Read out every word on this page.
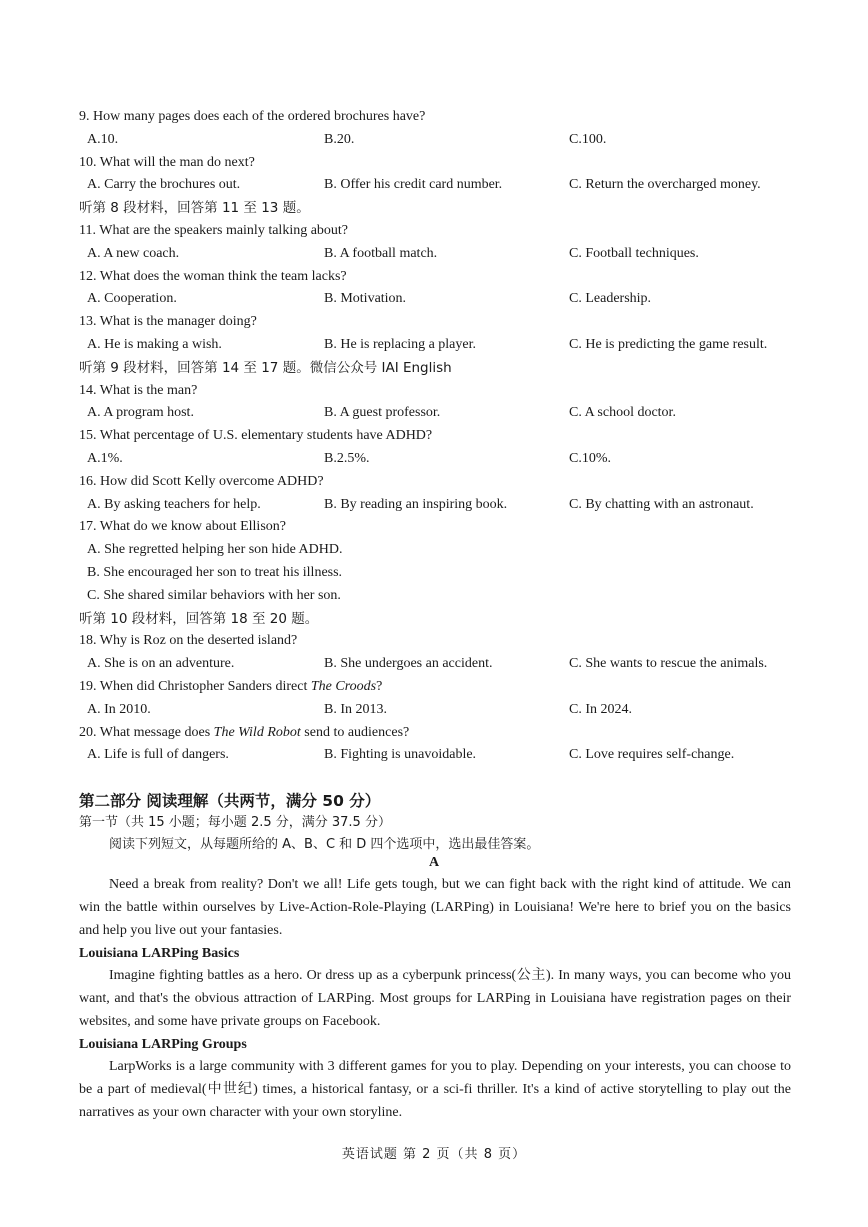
9. How many pages does each of the ordered brochures have?
A.10.	B.20.	C.100.
10. What will the man do next?
A. Carry the brochures out.	B. Offer his credit card number.	C. Return the overcharged money.
听第 8 段材料，回答第 11 至 13 题。
11. What are the speakers mainly talking about?
A. A new coach.	B. A football match.	C. Football techniques.
12. What does the woman think the team lacks?
A. Cooperation.	B. Motivation.	C. Leadership.
13. What is the manager doing?
A. He is making a wish.	B. He is replacing a player.	C. He is predicting the game result.
听第 9 段材料，回答第 14 至 17 题。微信公众号 IAI English
14. What is the man?
A. A program host.	B. A guest professor.	C. A school doctor.
15. What percentage of U.S. elementary students have ADHD?
A.1%.	B.2.5%.	C.10%.
16. How did Scott Kelly overcome ADHD?
A. By asking teachers for help.	B. By reading an inspiring book.	C. By chatting with an astronaut.
17. What do we know about Ellison?
A. She regretted helping her son hide ADHD.
B. She encouraged her son to treat his illness.
C. She shared similar behaviors with her son.
听第 10 段材料，回答第 18 至 20 题。
18. Why is Roz on the deserted island?
A. She is on an adventure.	B. She undergoes an accident.	C. She wants to rescue the animals.
19. When did Christopher Sanders direct The Croods?
A. In 2010.	B. In 2013.	C. In 2024.
20. What message does The Wild Robot send to audiences?
A. Life is full of dangers.	B. Fighting is unavoidable.	C. Love requires self-change.
第二部分 阅读理解（共两节，满分 50 分）
第一节（共 15 小题；每小题 2.5 分，满分 37.5 分）
阅读下列短文，从每题所给的 A、B、C 和 D 四个选项中，选出最佳答案。
A
Need a break from reality? Don't we all! Life gets tough, but we can fight back with the right kind of attitude. We can win the battle within ourselves by Live-Action-Role-Playing (LARPing) in Louisiana! We're here to brief you on the basics and help you live out your fantasies.
Louisiana LARPing Basics
Imagine fighting battles as a hero. Or dress up as a cyberpunk princess(公主). In many ways, you can become who you want, and that's the obvious attraction of LARPing. Most groups for LARPing in Louisiana have registration pages on their websites, and some have private groups on Facebook.
Louisiana LARPing Groups
LarpWorks is a large community with 3 different games for you to play. Depending on your interests, you can choose to be a part of medieval(中世纪) times, a historical fantasy, or a sci-fi thriller. It's a kind of active storytelling to play out the narratives as your own character with your own storyline.
英语试题 第 2 页（共 8 页）
